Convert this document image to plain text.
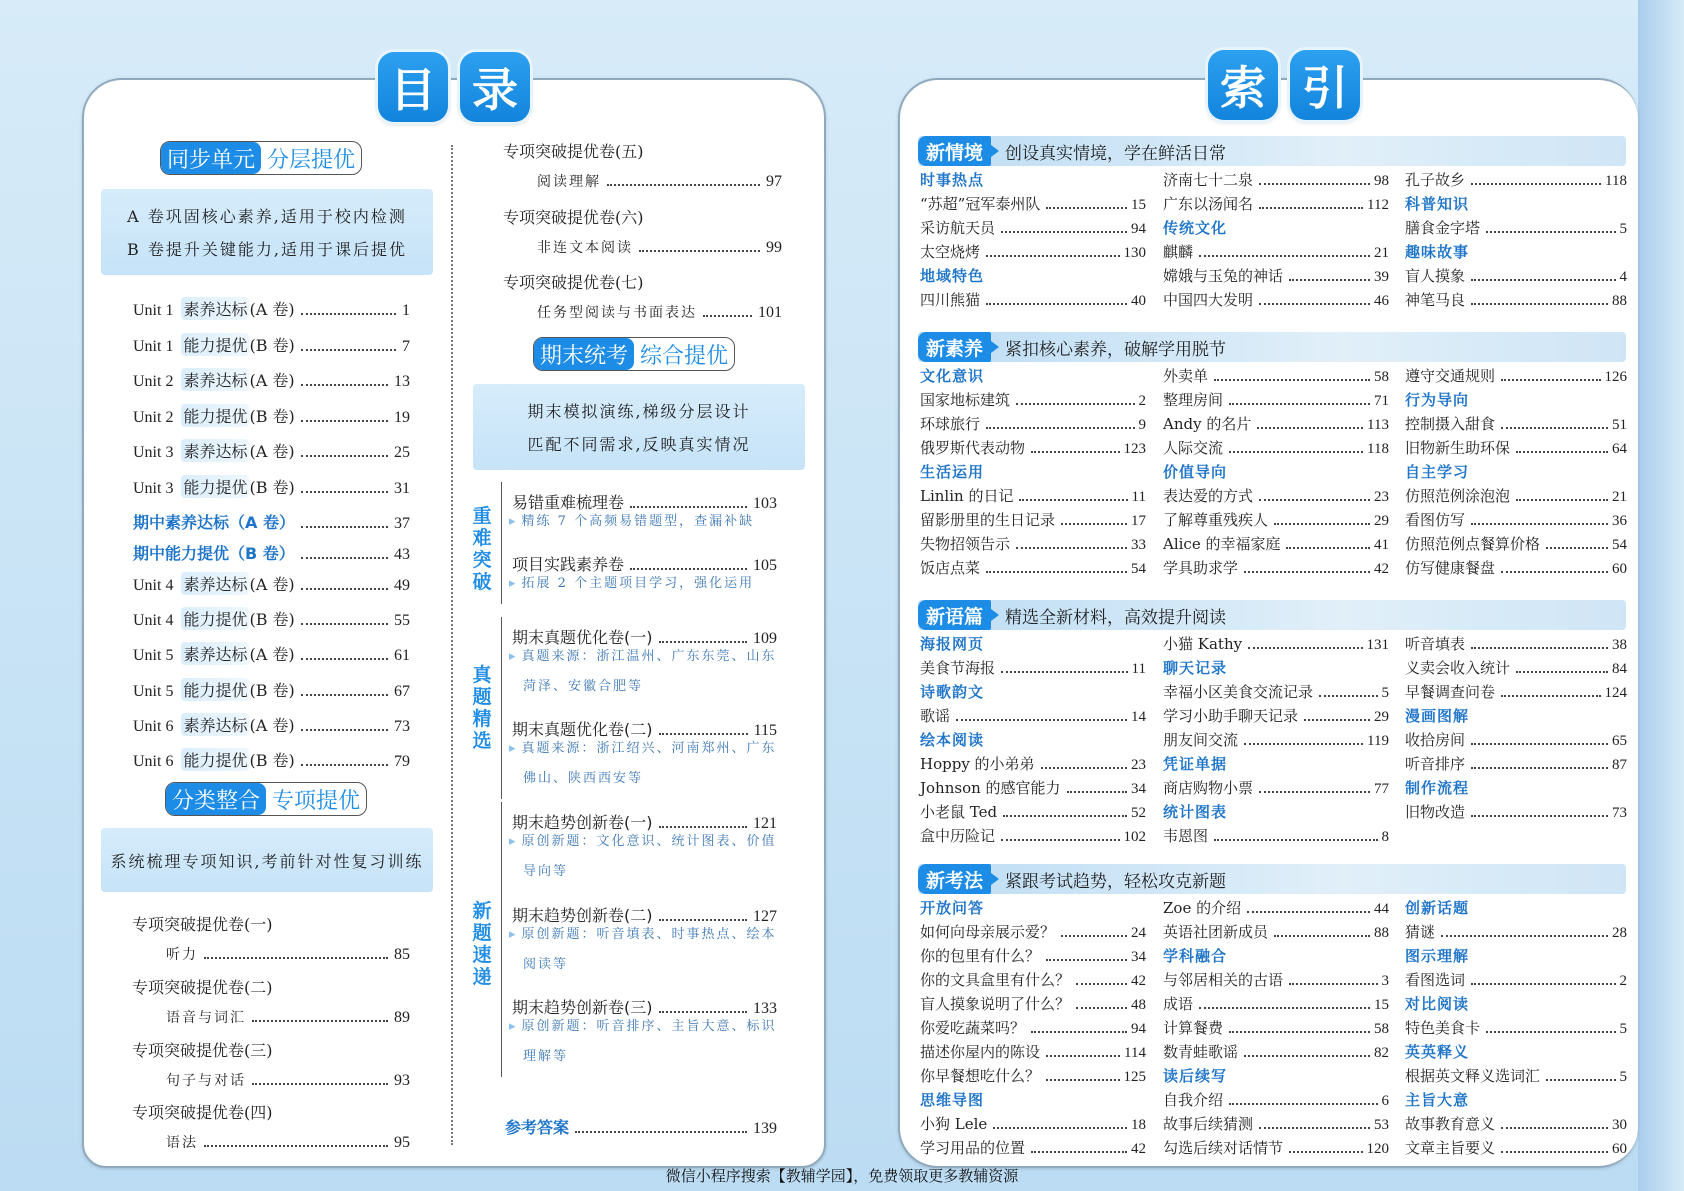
目 录	索 引
同步单元 分层提优
A 卷巩固核心素养,适用于校内检测
B 卷提升关键能力,适用于课后提优
Unit 1 素养达标 (A 卷)	1
Unit 1 能力提优 (B 卷)	7
Unit 2 素养达标 (A 卷)	13
Unit 2 能力提优 (B 卷)	19
Unit 3 素养达标 (A 卷)	25
Unit 3 能力提优 (B 卷)	31
期中素养达标（A 卷）	37
期中能力提优（B 卷）	43
Unit 4 素养达标 (A 卷)	49
Unit 4 能力提优 (B 卷)	55
Unit 5 素养达标 (A 卷)	61
Unit 5 能力提优 (B 卷)	67
Unit 6 素养达标 (A 卷)	73
Unit 6 能力提优 (B 卷)	79
分类整合 专项提优
系统梳理专项知识,考前针对性复习训练
专项突破提优卷(一)
听力	85
专项突破提优卷(二)
语音与词汇	89
专项突破提优卷(三)
句子与对话	93
专项突破提优卷(四)
语法	95
专项突破提优卷(五)
阅读理解	97
专项突破提优卷(六)
非连文本阅读	99
专项突破提优卷(七)
任务型阅读与书面表达	101
期末统考 综合提优
期末模拟演练,梯级分层设计
匹配不同需求,反映真实情况
重难突破
易错重难梳理卷	103
▸ 精练 7 个高频易错题型，查漏补缺
项目实践素养卷	105
▸ 拓展 2 个主题项目学习，强化运用
真题精选
期末真题优化卷(一)	109
▸ 真题来源：浙江温州、广东东莞、山东
菏泽、安徽合肥等
期末真题优化卷(二)	115
▸ 真题来源：浙江绍兴、河南郑州、广东
佛山、陕西西安等
新题速递
期末趋势创新卷(一)	121
▸ 原创新题：文化意识、统计图表、价值
导向等
期末趋势创新卷(二)	127
▸ 原创新题：听音填表、时事热点、绘本
阅读等
期末趋势创新卷(三)	133
▸ 原创新题：听音排序、主旨大意、标识
理解等
参考答案	139
新情境	创设真实情境，学在鲜活日常
时事热点
“苏超”冠军泰州队	15
采访航天员	94
太空烧烤	130
地域特色
四川熊猫	40
济南七十二泉	98
广东以汤闻名	112
传统文化
麒麟	21
嫦娥与玉兔的神话	39
中国四大发明	46
孔子故乡	118
科普知识
膳食金字塔	5
趣味故事
盲人摸象	4
神笔马良	88
新素养	紧扣核心素养，破解学用脱节
文化意识
国家地标建筑	2
环球旅行	9
俄罗斯代表动物	123
生活运用
Linlin 的日记	11
留影册里的生日记录	17
失物招领告示	33
饭店点菜	54
外卖单	58
整理房间	71
Andy 的名片	113
人际交流	118
价值导向
表达爱的方式	23
了解尊重残疾人	29
Alice 的幸福家庭	41
学具助求学	42
遵守交通规则	126
行为导向
控制摄入甜食	51
旧物新生助环保	64
自主学习
仿照范例涂泡泡	21
看图仿写	36
仿照范例点餐算价格	54
仿写健康餐盘	60
新语篇	精选全新材料，高效提升阅读
海报网页
美食节海报	11
诗歌韵文
歌谣	14
绘本阅读
Hoppy 的小弟弟	23
Johnson 的感官能力	34
小老鼠 Ted	52
盒中历险记	102
小猫 Kathy	131
聊天记录
幸福小区美食交流记录	5
学习小助手聊天记录	29
朋友间交流	119
凭证单据
商店购物小票	77
统计图表
韦恩图	8
听音填表	38
义卖会收入统计	84
早餐调查问卷	124
漫画图解
收拾房间	65
听音排序	87
制作流程
旧物改造	73
新考法	紧跟考试趋势，轻松攻克新题
开放问答
如何向母亲展示爱？	24
你的包里有什么？	34
你的文具盒里有什么？	42
盲人摸象说明了什么？	48
你爱吃蔬菜吗？	94
描述你屋内的陈设	114
你早餐想吃什么？	125
思维导图
小狗 Lele	18
学习用品的位置	42
Zoe 的介绍	44
英语社团新成员	88
学科融合
与邻居相关的古语	3
成语	15
计算餐费	58
数青蛙歌谣	82
读后续写
自我介绍	6
故事后续猜测	53
勾选后续对话情节	120
创新话题
猜谜	28
图示理解
看图选词	2
对比阅读
特色美食卡	5
英英释义
根据英文释义选词汇	5
主旨大意
故事教育意义	30
文章主旨要义	60
微信小程序搜索【教辅学园】，免费领取更多教辅资源
